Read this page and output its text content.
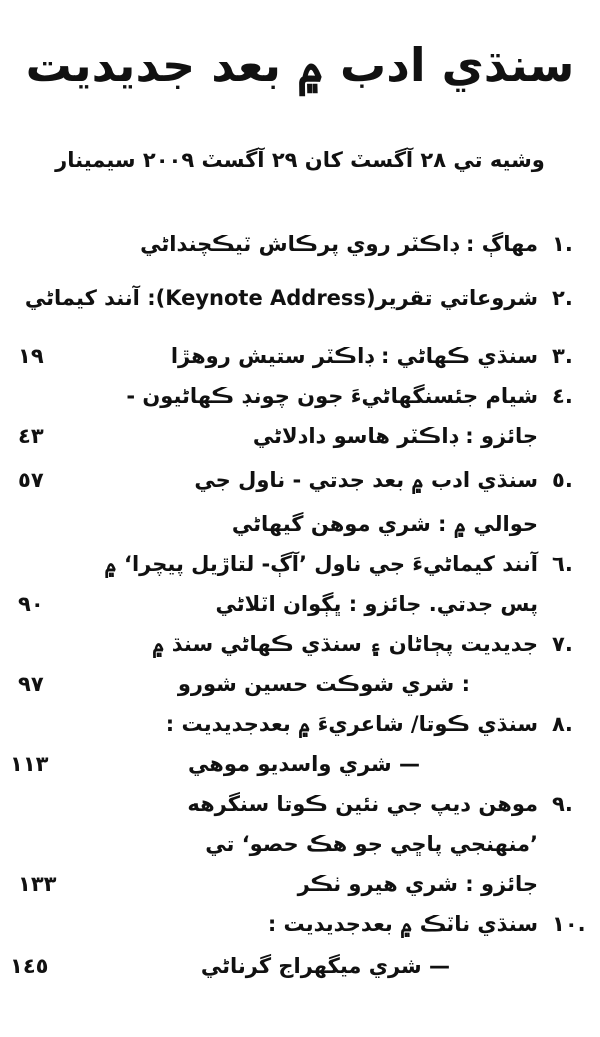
سنڌي ادب ۾ بعد جديديت
وشيه تي ٢٨ آگسٽ کان ٢٩ آگسٽ ٢٠٠٩ سيمينار
١.
مهاڳ : ڊاڪٽر روي پرڪاش ٽيڪچنداڻي
٢.
شروعاتي تقرير(Keynote Address): آنند کيماڻي
٣.
سنڌي ڪهاڻي : ڊاڪٽر ستيش روهڙا
١٩
٤.
شيام جئسنگهاڻيءَ جون چونڊ ڪهاڻيون -
جائزو : ڊاڪٽر هاسو دادلاڻي
٤٣
٥.
سنڌي ادب ۾ بعد جدتي - ناول جي
٥٧
حوالي ۾ : شري موهن گيهاڻي
٦.
آنند کيماڻيءَ جي ناول ’آڳ- لتاڙيل پيچرا‘ ۾
پس جدتي. جائزو : ڀڳوان اٽلاڻي
٩٠
٧.
جديديت پڄاڻان ۽ سنڌي ڪهاڻي سنڌ ۾
: شري شوڪت حسين شورو
٩٧
٨.
سنڌي ڪوتا/ شاعريءَ ۾ بعدجديديت :
— شري واسديو موهي
١١٣
٩.
موهن ديپ جي نئين ڪوتا سنگرهه
’منهنجي پاڇي جو هڪ حصو‘ تي
جائزو : شري هيرو ٺڪر
١٣٣
١٠.
سنڌي ناٽڪ ۾ بعدجديديت :
— شري ميگهراج گرناڻي
١٤٥
